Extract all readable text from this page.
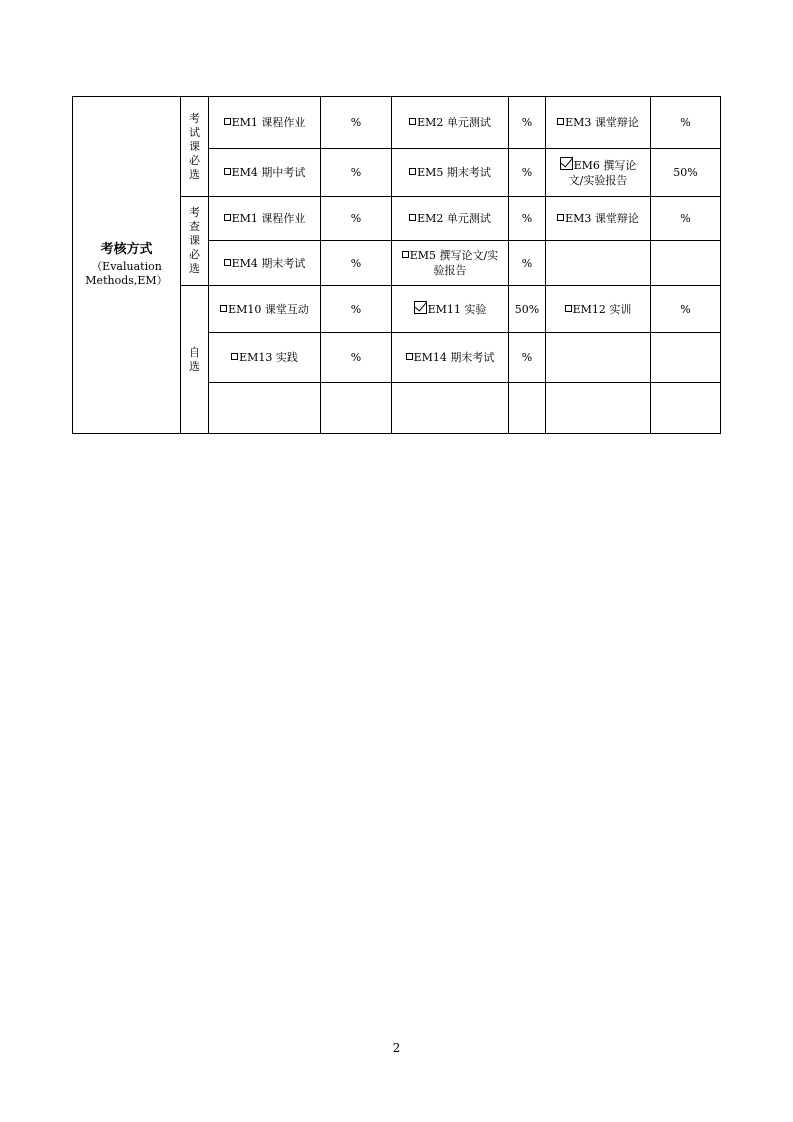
考核方式
（Evaluation
Methods,EM）	考试课必选	EM1 课程作业	%	EM2 单元测试	%	EM3 课堂辩论	%
		EM4 期中考试	%	EM5 期末考试	%	EM6 撰写论
文/实验报告	50%
	考查课必选	EM1 课程作业	%	EM2 单元测试	%	EM3 课堂辩论	%
		EM4 期末考试	%	EM5 撰写论文/实
验报告	%		
	自选	EM10 课堂互动	%	EM11 实验	50%	EM12 实训	%
		EM13 实践	%	EM14 期末考试	%		

2
